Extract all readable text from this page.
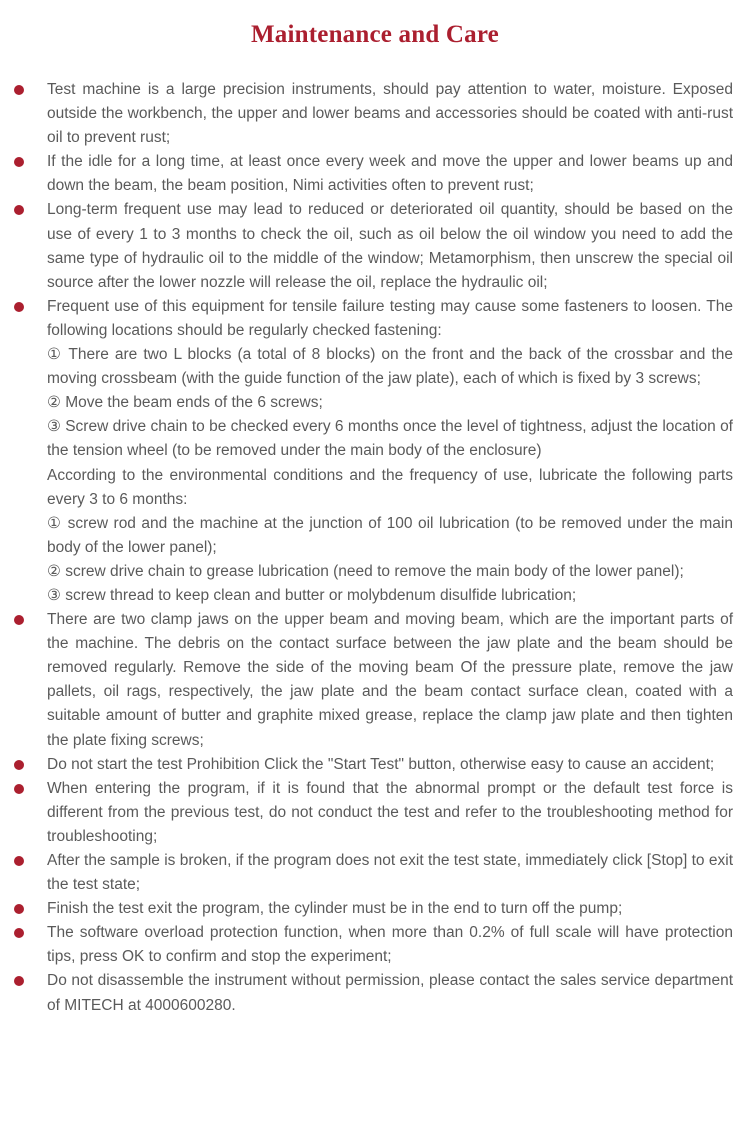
Maintenance and Care
Test machine is a large precision instruments, should pay attention to water, moisture. Exposed outside the workbench, the upper and lower beams and accessories should be coated with anti-rust oil to prevent rust;
If the idle for a long time, at least once every week and move the upper and lower beams up and down the beam, the beam position, Nimi activities often to prevent rust;
Long-term frequent use may lead to reduced or deteriorated oil quantity, should be based on the use of every 1 to 3 months to check the oil, such as oil below the oil window you need to add the same type of hydraulic oil to the middle of the window; Metamorphism, then unscrew the special oil source after the lower nozzle will release the oil, replace the hydraulic oil;
Frequent use of this equipment for tensile failure testing may cause some fasteners to loosen. The following locations should be regularly checked fastening:
① There are two L blocks (a total of 8 blocks) on the front and the back of the crossbar and the moving crossbeam (with the guide function of the jaw plate), each of which is fixed by 3 screws;
② Move the beam ends of the 6 screws;
③ Screw drive chain to be checked every 6 months once the level of tightness, adjust the location of the tension wheel (to be removed under the main body of the enclosure)
According to the environmental conditions and the frequency of use, lubricate the following parts every 3 to 6 months:
① screw rod and the machine at the junction of 100 oil lubrication (to be removed under the main body of the lower panel);
② screw drive chain to grease lubrication (need to remove the main body of the lower panel);
③ screw thread to keep clean and butter or molybdenum disulfide lubrication;
There are two clamp jaws on the upper beam and moving beam, which are the important parts of the machine. The debris on the contact surface between the jaw plate and the beam should be removed regularly. Remove the side of the moving beam Of the pressure plate, remove the jaw pallets, oil rags, respectively, the jaw plate and the beam contact surface clean, coated with a suitable amount of butter and graphite mixed grease, replace the clamp jaw plate and then tighten the plate fixing screws;
Do not start the test Prohibition Click the "Start Test" button, otherwise easy to cause an accident;
When entering the program, if it is found that the abnormal prompt or the default test force is different from the previous test, do not conduct the test and refer to the troubleshooting method for troubleshooting;
After the sample is broken, if the program does not exit the test state, immediately click [Stop] to exit the test state;
Finish the test exit the program, the cylinder must be in the end to turn off the pump;
The software overload protection function, when more than 0.2% of full scale will have protection tips, press OK to confirm and stop the experiment;
Do not disassemble the instrument without permission, please contact the sales service department of MITECH at 4000600280.
